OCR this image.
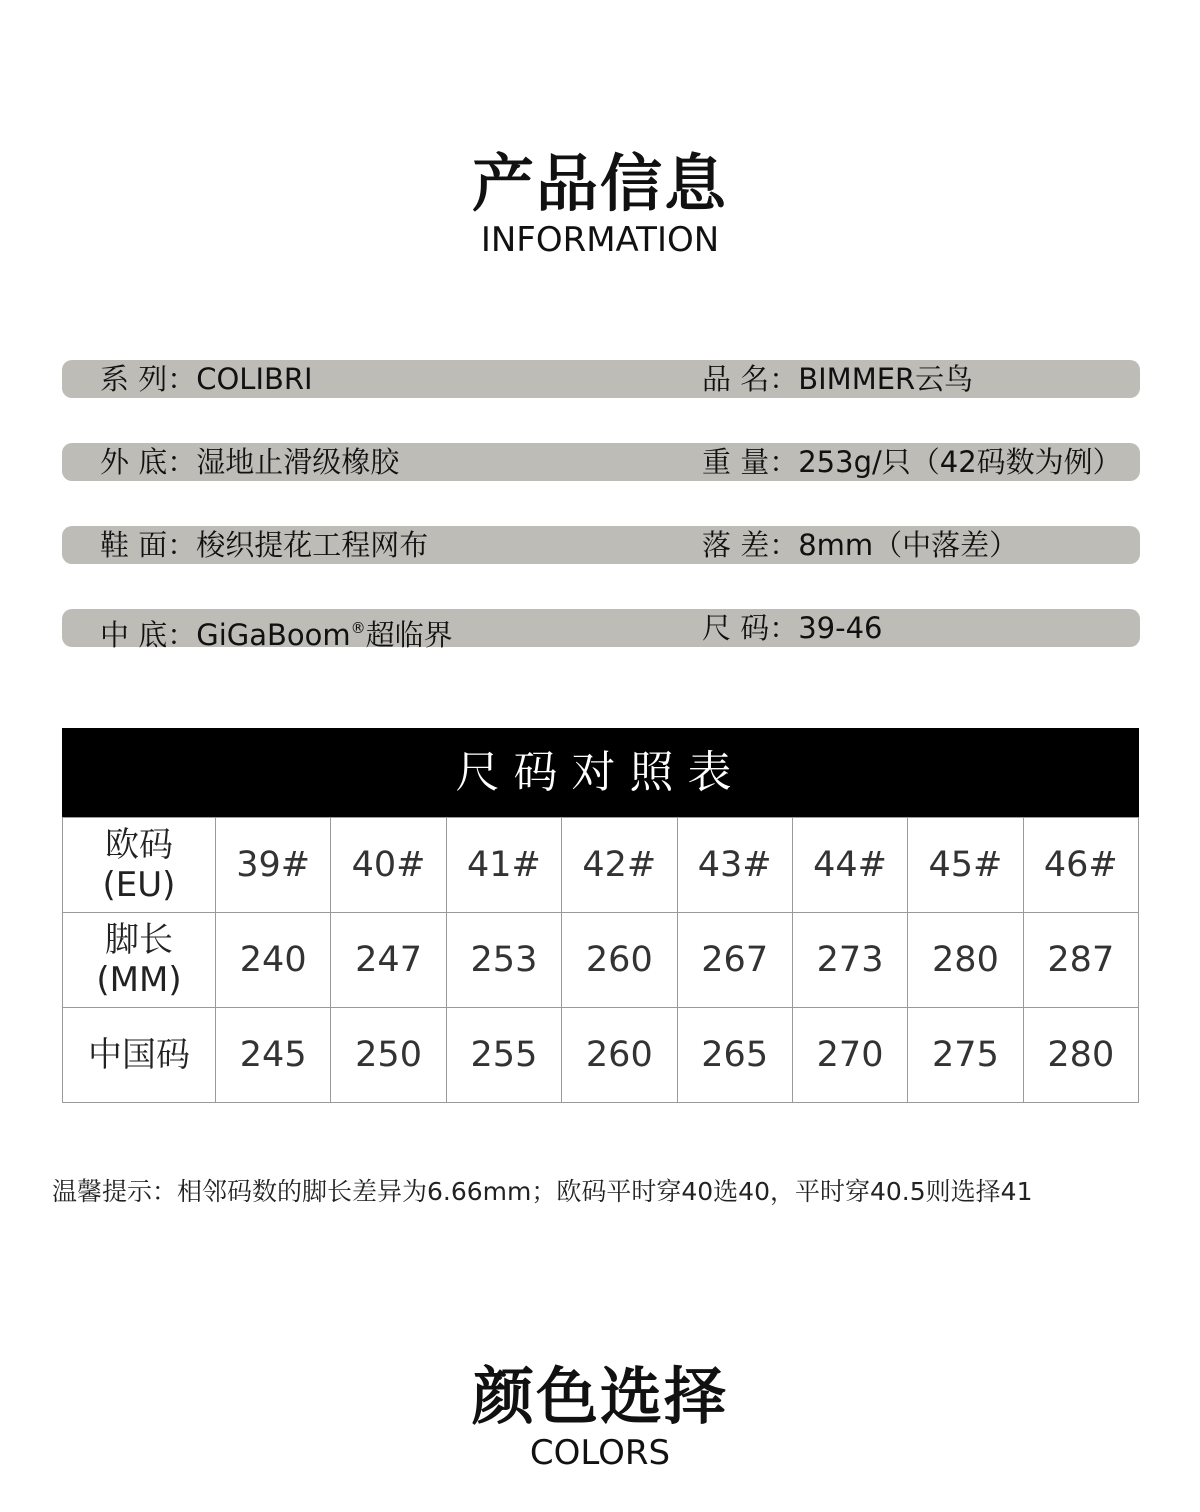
产品信息
INFORMATION
系 列：COLIBRI	品 名：BIMMER云鸟
外 底：湿地止滑级橡胶	重 量：253g/只（42码数为例）
鞋 面：梭织提花工程网布	落 差：8mm（中落差）
中 底：GiGaBoom®超临界	尺 码：39-46
尺码对照表
欧码
(EU)	39#	40#	41#	42#	43#	44#	45#	46#

脚长
(MM)	240	247	253	260	267	273	280	287

中国码	245	250	255	260	265	270	275	280
温馨提示：相邻码数的脚长差异为6.66mm；欧码平时穿40选40，平时穿40.5则选择41
颜色选择
COLORS
